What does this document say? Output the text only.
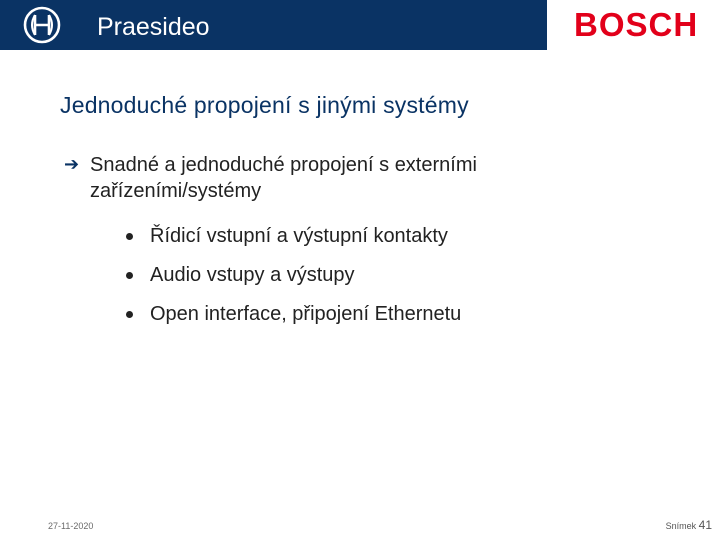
Praesideo	BOSCH
Jednoduché propojení s jinými systémy
➔ Snadné a jednoduché propojení s externími zařízeními/systémy
Řídicí vstupní a výstupní kontakty
Audio vstupy a výstupy
Open interface, připojení Ethernetu
27-11-2020	Snímek 41
